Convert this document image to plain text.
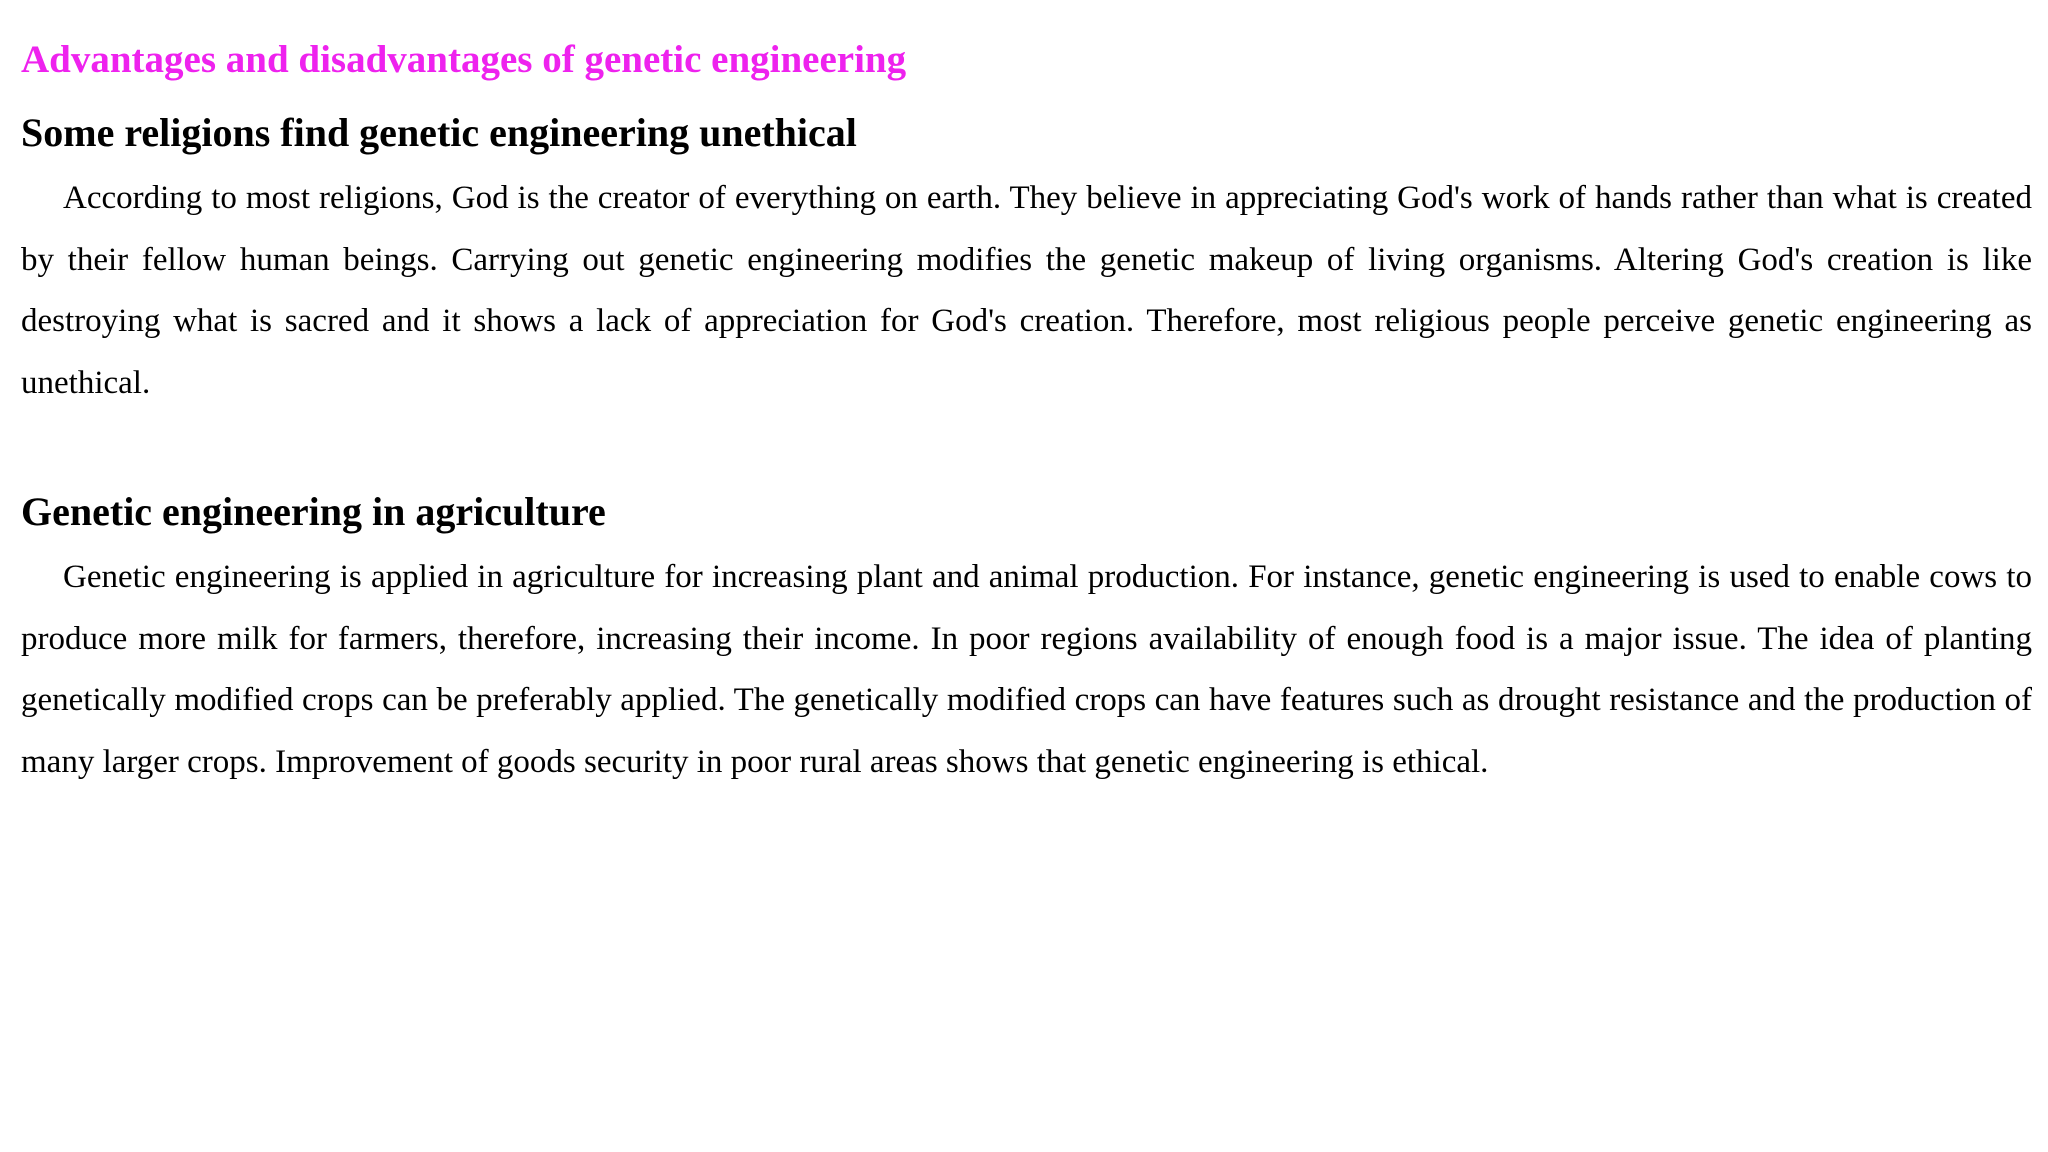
Advantages and disadvantages of genetic engineering
Some religions find genetic engineering unethical

According to most religions, God is the creator of everything on earth. They believe in appreciating God's work of hands rather than what is created by their fellow human beings. Carrying out genetic engineering modifies the genetic makeup of living organisms. Altering God's creation is like destroying what is sacred and it shows a lack of appreciation for God's creation. Therefore, most religious people perceive genetic engineering as unethical.

Genetic engineering in agriculture

Genetic engineering is applied in agriculture for increasing plant and animal production. For instance, genetic engineering is used to enable cows to produce more milk for farmers, therefore, increasing their income. In poor regions availability of enough food is a major issue. The idea of planting genetically modified crops can be preferably applied. The genetically modified crops can have features such as drought resistance and the production of many larger crops. Improvement of goods security in poor rural areas shows that genetic engineering is ethical.
